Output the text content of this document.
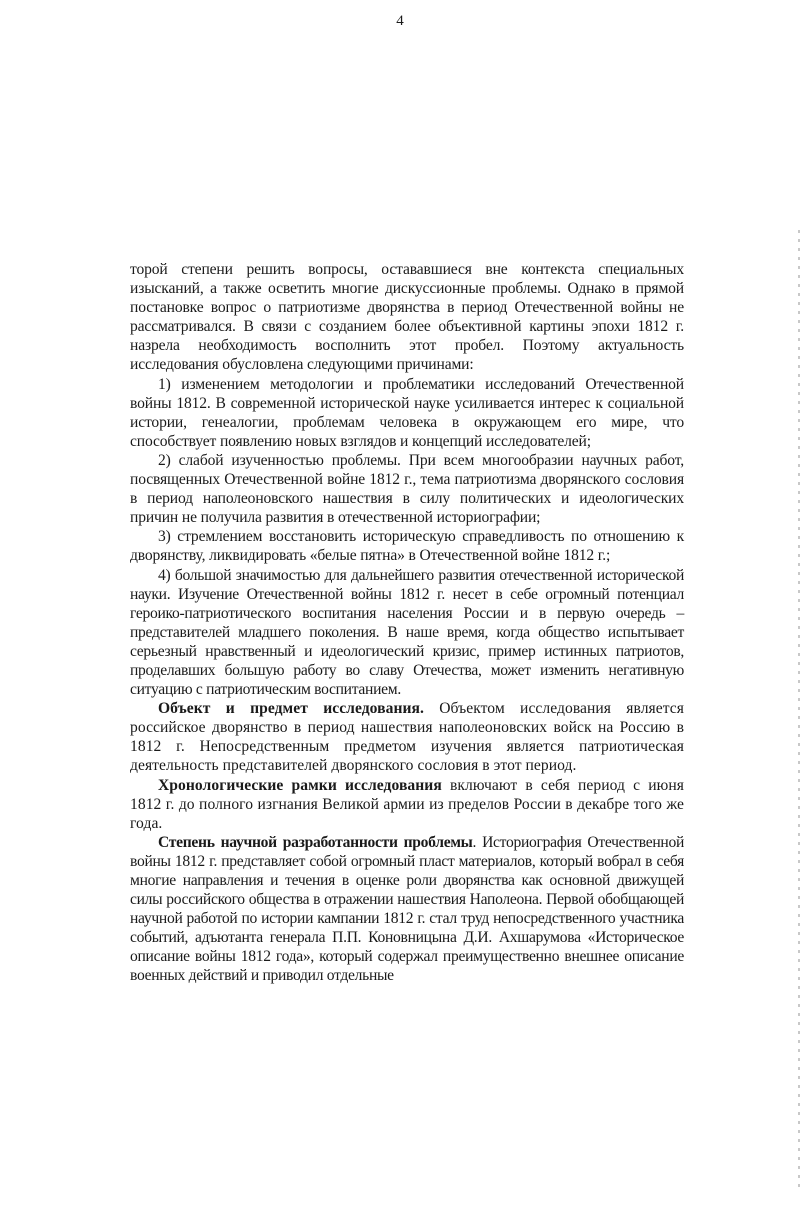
4

торой степени решить вопросы, остававшиеся вне контекста специальных изысканий, а также осветить многие дискуссионные проблемы. Однако в прямой постановке вопрос о патриотизме дворянства в период Отечественной войны не рассматривался. В связи с созданием более объективной картины эпохи 1812 г. назрела необходимость восполнить этот пробел. Поэтому актуальность исследования обусловлена следующими причинами:

1) изменением методологии и проблематики исследований Отечественной войны 1812. В современной исторической науке усиливается интерес к социальной истории, генеалогии, проблемам человека в окружающем его мире, что способствует появлению новых взглядов и концепций исследователей;

2) слабой изученностью проблемы. При всем многообразии научных работ, посвященных Отечественной войне 1812 г., тема патриотизма дворянского сословия в период наполеоновского нашествия в силу политических и идеологических причин не получила развития в отечественной историографии;

3) стремлением восстановить историческую справедливость по отношению к дворянству, ликвидировать «белые пятна» в Отечественной войне 1812 г.;

4) большой значимостью для дальнейшего развития отечественной исторической науки. Изучение Отечественной войны 1812 г. несет в себе огромный потенциал героико-патриотического воспитания населения России и в первую очередь – представителей младшего поколения. В наше время, когда общество испытывает серьезный нравственный и идеологический кризис, пример истинных патриотов, проделавших большую работу во славу Отечества, может изменить негативную ситуацию с патриотическим воспитанием.

Объект и предмет исследования. Объектом исследования является российское дворянство в период нашествия наполеоновских войск на Россию в 1812 г. Непосредственным предметом изучения является патриотическая деятельность представителей дворянского сословия в этот период.

Хронологические рамки исследования включают в себя период с июня 1812 г. до полного изгнания Великой армии из пределов России в декабре того же года.

Степень научной разработанности проблемы. Историография Отечественной войны 1812 г. представляет собой огромный пласт материалов, который вобрал в себя многие направления и течения в оценке роли дворянства как основной движущей силы российского общества в отражении нашествия Наполеона. Первой обобщающей научной работой по истории кампании 1812 г. стал труд непосредственного участника событий, адъютанта генерала П.П. Коновницына Д.И. Ахшарумова «Историческое описание войны 1812 года», который содержал преимущественно внешнее описание военных действий и приводил отдельные
